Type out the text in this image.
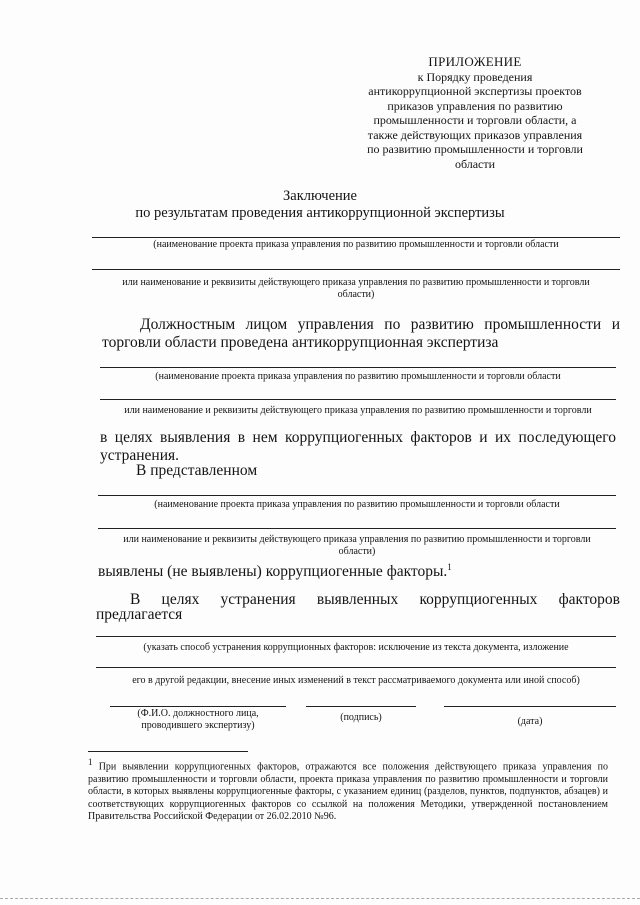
ПРИЛОЖЕНИЕ
к Порядку проведения
антикоррупционной экспертизы проектов
приказов управления по развитию
промышленности и торговли области, а
также действующих приказов управления
по развитию промышленности и торговли
области
Заключение
по результатам проведения антикоррупционной экспертизы
(наименование проекта приказа управления по развитию промышленности и торговли области
или наименование и реквизиты действующего приказа управления по развитию промышленности и торговли
области)
Должностным лицом управления по развитию промышленности и
торговли области проведена антикоррупционная экспертиза
(наименование проекта приказа управления по развитию промышленности и торговли области
или наименование и реквизиты действующего приказа управления по развитию промышленности и торговли
в целях выявления в нем коррупциогенных факторов и их последующего
устранения.
В представленном
(наименование проекта приказа управления по развитию промышленности и торговли области
или наименование и реквизиты действующего приказа управления по развитию промышленности и торговли
области)
выявлены (не выявлены) коррупциогенные факторы.$^1$
В целях устранения выявленных коррупциогенных факторов
предлагается
(указать способ устранения коррупционных факторов: исключение из текста документа, изложение
его в другой редакции, внесение иных изменений в текст рассматриваемого документа или иной способ)
(Ф.И.О. должностного лица,
проводившего экспертизу)
(подпись)	(дата)
$^1$ При выявлении коррупциогенных факторов, отражаются все положения действующего приказа управления по развитию промышленности и торговли области, проекта приказа управления по развитию промышленности и торговли области, в которых выявлены коррупциогенные факторы, с указанием единиц (разделов, пунктов, подпунктов, абзацев) и соответствующих коррупциогенных факторов со ссылкой на положения Методики, утвержденной постановлением Правительства Российской Федерации от 26.02.2010 №96.
